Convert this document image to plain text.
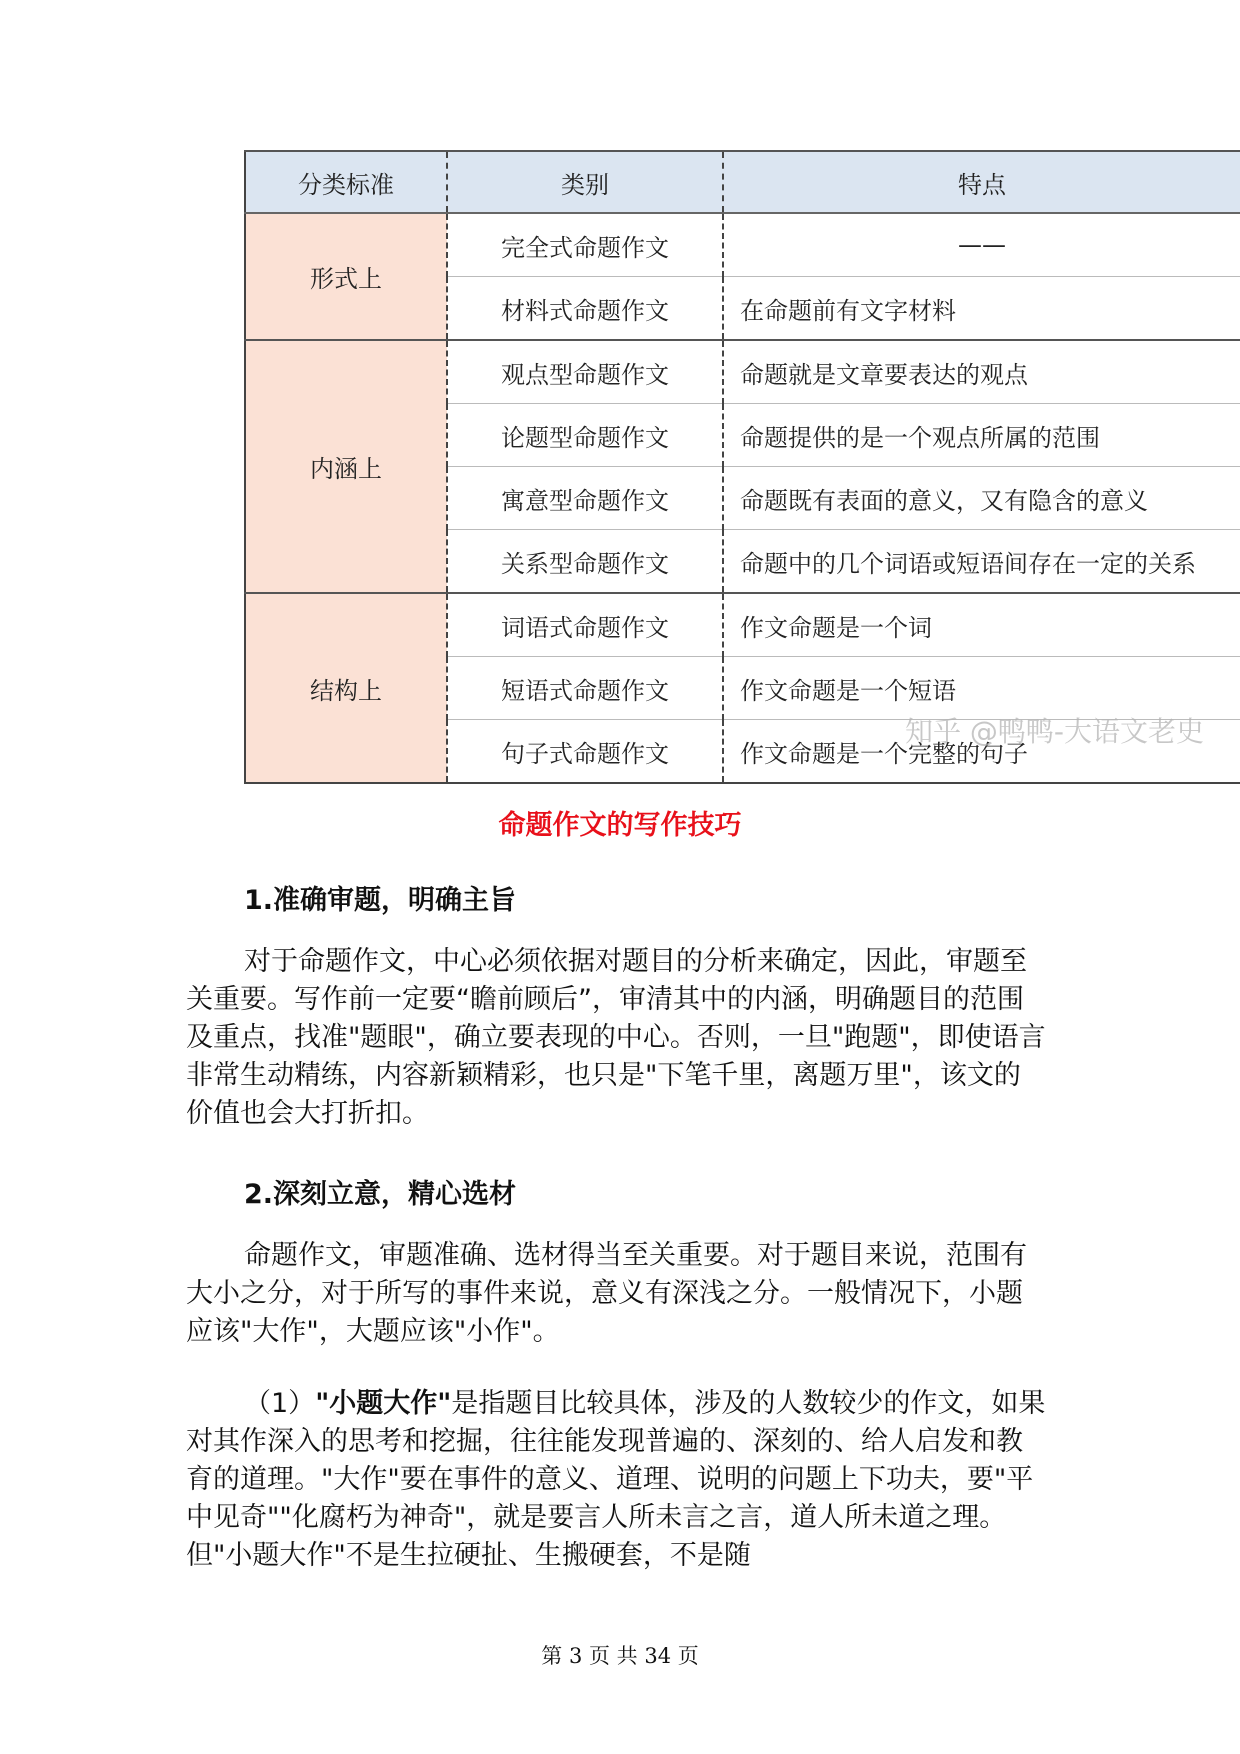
分类标准	类别	特点
形式上	完全式命题作文	——
	材料式命题作文	在命题前有文字材料
内涵上	观点型命题作文	命题就是文章要表达的观点
	论题型命题作文	命题提供的是一个观点所属的范围
	寓意型命题作文	命题既有表面的意义，又有隐含的意义
	关系型命题作文	命题中的几个词语或短语间存在一定的关系
结构上	词语式命题作文	作文命题是一个词
	短语式命题作文	作文命题是一个短语
	句子式命题作文	作文命题是一个完整的句子
知乎 @鸭鸭-大语文老史
命题作文的写作技巧
1.准确审题，明确主旨

对于命题作文，中心必须依据对题目的分析来确定，因此，审题至关重要。写作前一定要“瞻前顾后”，审清其中的内涵，明确题目的范围及重点，找准"题眼"，确立要表现的中心。否则，一旦"跑题"，即使语言非常生动精练，内容新颖精彩，也只是"下笔千里，离题万里"，该文的价值也会大打折扣。

2.深刻立意，精心选材

命题作文，审题准确、选材得当至关重要。对于题目来说，范围有大小之分，对于所写的事件来说，意义有深浅之分。一般情况下，小题应该"大作"，大题应该"小作"。

（1）"小题大作"是指题目比较具体，涉及的人数较少的作文，如果对其作深入的思考和挖掘，往往能发现普遍的、深刻的、给人启发和教育的道理。"大作"要在事件的意义、道理、说明的问题上下功夫，要"平中见奇""化腐朽为神奇"，就是要言人所未言之言，道人所未道之理。但"小题大作"不是生拉硬扯、生搬硬套，不是随

第 3 页 共 34 页
